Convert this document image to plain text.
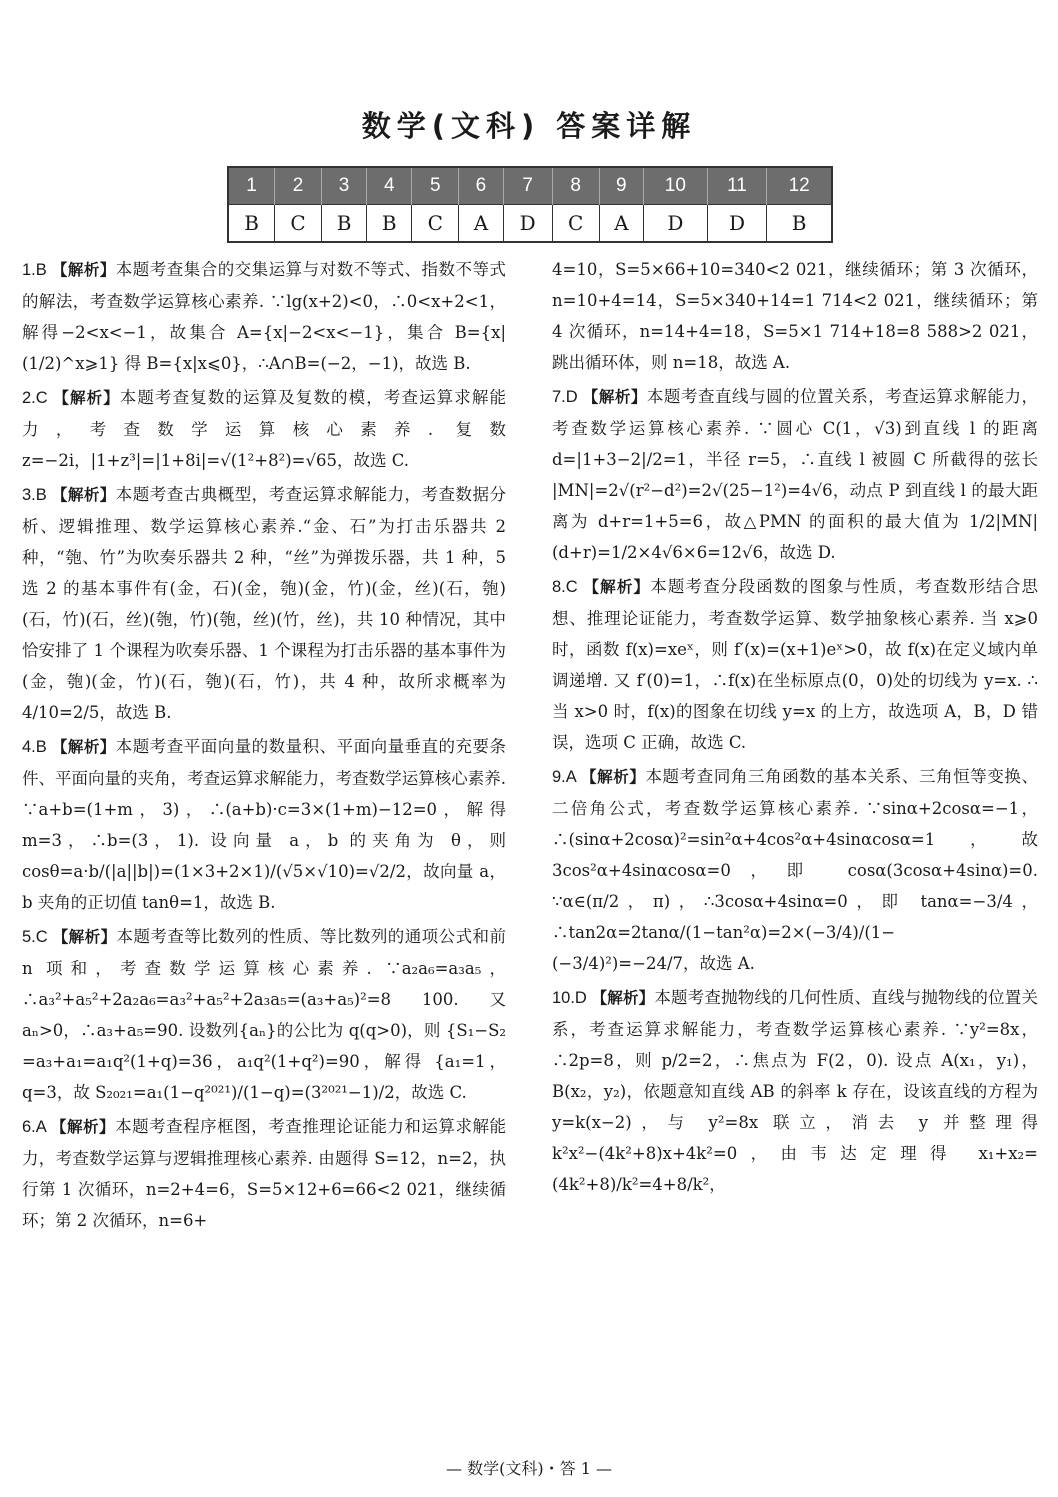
数学(文科) 答案详解
1	2	3	4	5	6	7	8	9	10	11	12
B	C	B	B	C	A	D	C	A	D	D	B

1.B 【解析】本题考查集合的交集运算与对数不等式、指数不等式的解法，考查数学运算核心素养. ∵lg(x+2)<0，∴0<x+2<1，解得−2<x<−1，故集合 A={x|−2<x<−1}，集合 B={x|(1/2)^x⩾1} 得 B={x|x⩽0}，∴A∩B=(−2，−1)，故选 B.

2.C 【解析】本题考查复数的运算及复数的模，考查运算求解能力，考查数学运算核心素养. 复数 z=−2i，|1+z³|=|1+8i|=√(1²+8²)=√65，故选 C.

3.B 【解析】本题考查古典概型，考查运算求解能力，考查数据分析、逻辑推理、数学运算核心素养.“金、石”为打击乐器共 2 种，“匏、竹”为吹奏乐器共 2 种，“丝”为弹拨乐器，共 1 种，5 选 2 的基本事件有(金，石)(金，匏)(金，竹)(金，丝)(石，匏)(石，竹)(石，丝)(匏，竹)(匏，丝)(竹，丝)，共 10 种情况，其中恰安排了 1 个课程为吹奏乐器、1 个课程为打击乐器的基本事件为(金，匏)(金，竹)(石，匏)(石，竹)，共 4 种，故所求概率为 4/10=2/5，故选 B.

4.B 【解析】本题考查平面向量的数量积、平面向量垂直的充要条件、平面向量的夹角，考查运算求解能力，考查数学运算核心素养. ∵a+b=(1+m，3)，∴(a+b)·c=3×(1+m)−12=0，解得 m=3，∴b=(3，1). 设向量 a，b 的夹角为 θ，则 cosθ=a·b/(|a||b|)=(1×3+2×1)/(√5×√10)=√2/2，故向量 a，b 夹角的正切值 tanθ=1，故选 B.

5.C 【解析】本题考查等比数列的性质、等比数列的通项公式和前 n 项和，考查数学运算核心素养. ∵a₂a₆=a₃a₅，∴a₃²+a₅²+2a₂a₆=a₃²+a₅²+2a₃a₅=(a₃+a₅)²=8 100. 又 aₙ>0，∴a₃+a₅=90. 设数列{aₙ}的公比为 q(q>0)，则 {S₁−S₂ =a₃+a₁=a₁q²(1+q)=36，a₁q²(1+q²)=90，解得 {a₁=1，q=3，故 S₂₀₂₁=a₁(1−q²⁰²¹)/(1−q)=(3²⁰²¹−1)/2，故选 C.

6.A 【解析】本题考查程序框图，考查推理论证能力和运算求解能力，考查数学运算与逻辑推理核心素养. 由题得 S=12，n=2，执行第 1 次循环，n=2+4=6，S=5×12+6=66<2 021，继续循环；第 2 次循环，n=6+

4=10，S=5×66+10=340<2 021，继续循环；第 3 次循环，n=10+4=14，S=5×340+14=1 714<2 021，继续循环；第 4 次循环，n=14+4=18，S=5×1 714+18=8 588>2 021，跳出循环体，则 n=18，故选 A.

7.D 【解析】本题考查直线与圆的位置关系，考查运算求解能力，考查数学运算核心素养. ∵圆心 C(1，√3)到直线 l 的距离 d=|1+3−2|/2=1，半径 r=5，∴直线 l 被圆 C 所截得的弦长 |MN|=2√(r²−d²)=2√(25−1²)=4√6，动点 P 到直线 l 的最大距离为 d+r=1+5=6，故△PMN 的面积的最大值为 1/2|MN|(d+r)=1/2×4√6×6=12√6，故选 D.

8.C 【解析】本题考查分段函数的图象与性质，考查数形结合思想、推理论证能力，考查数学运算、数学抽象核心素养. 当 x⩾0 时，函数 f(x)=xeˣ，则 f′(x)=(x+1)eˣ>0，故 f(x)在定义域内单调递增. 又 f′(0)=1，∴f(x)在坐标原点(0，0)处的切线为 y=x. ∴当 x>0 时，f(x)的图象在切线 y=x 的上方，故选项 A，B，D 错误，选项 C 正确，故选 C.

9.A 【解析】本题考查同角三角函数的基本关系、三角恒等变换、二倍角公式，考查数学运算核心素养. ∵sinα+2cosα=−1，∴(sinα+2cosα)²=sin²α+4cos²α+4sinαcosα=1，故 3cos²α+4sinαcosα=0，即 cosα(3cosα+4sinα)=0. ∵α∈(π/2，π)，∴3cosα+4sinα=0，即 tanα=−3/4，∴tan2α=2tanα/(1−tan²α)=2×(−3/4)/(1−(−3/4)²)=−24/7，故选 A.

10.D 【解析】本题考查抛物线的几何性质、直线与抛物线的位置关系，考查运算求解能力，考查数学运算核心素养. ∵y²=8x，∴2p=8，则 p/2=2，∴焦点为 F(2，0). 设点 A(x₁，y₁)，B(x₂，y₂)，依题意知直线 AB 的斜率 k 存在，设该直线的方程为 y=k(x−2)，与 y²=8x 联立，消去 y 并整理得 k²x²−(4k²+8)x+4k²=0，由韦达定理得 x₁+x₂=(4k²+8)/k²=4+8/k²，

— 数学(文科)・答 1 —
